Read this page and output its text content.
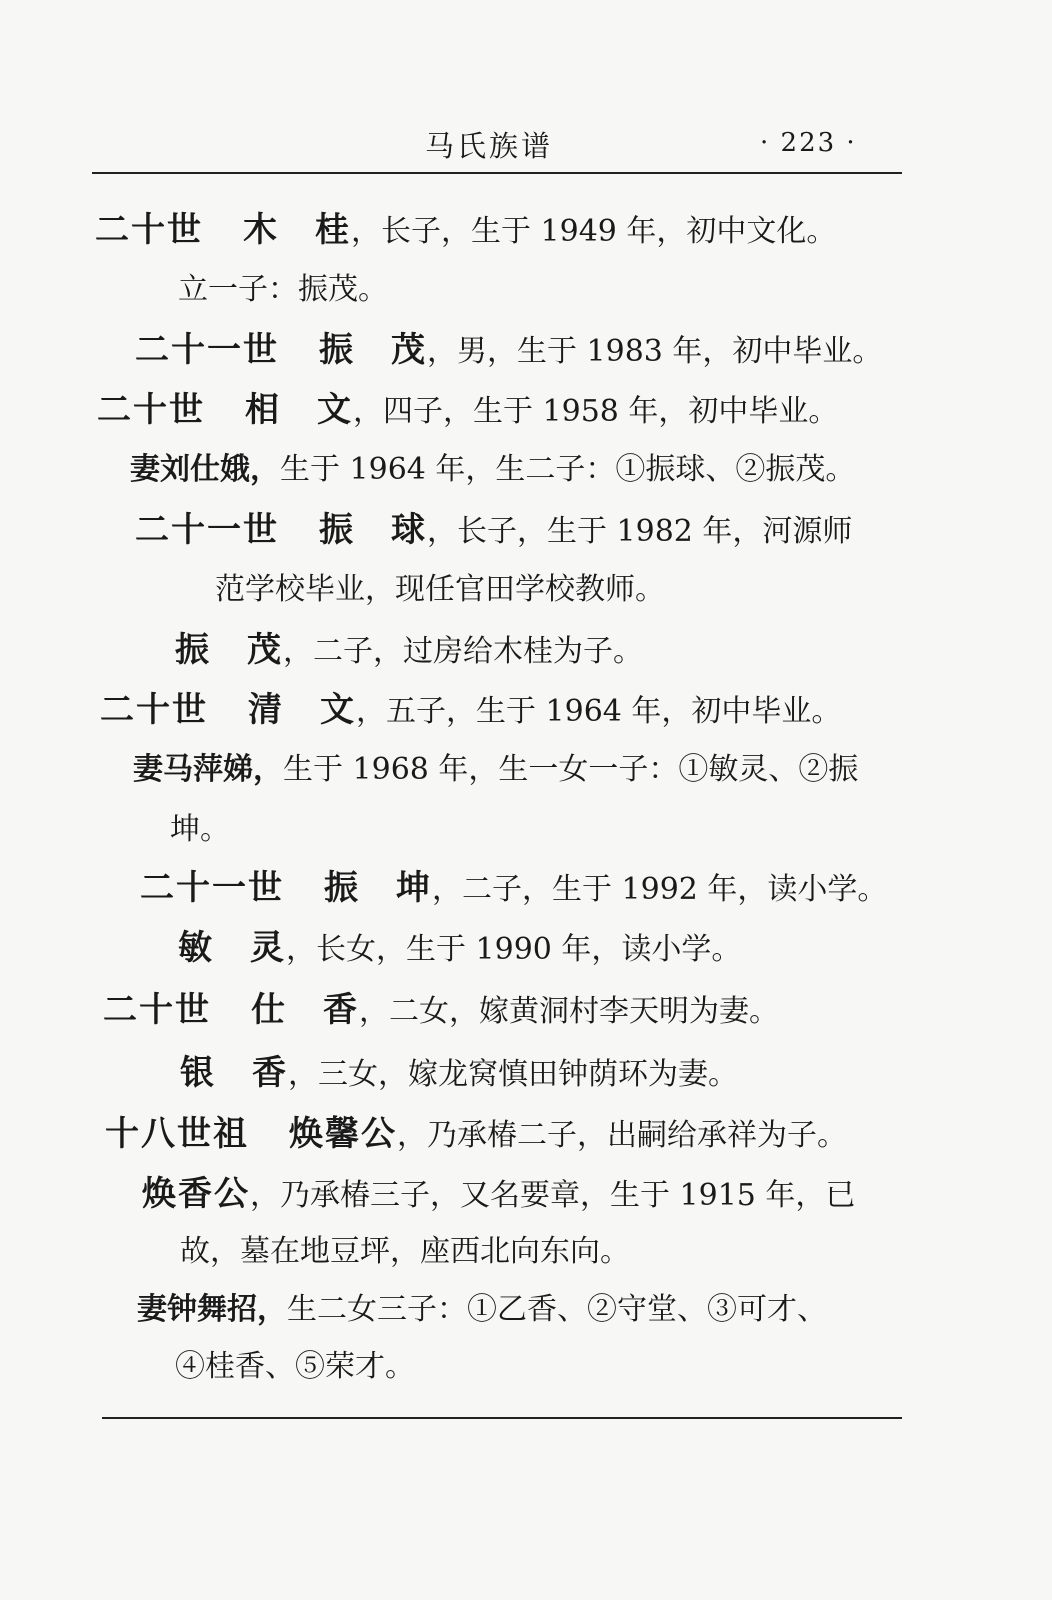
马氏族谱	· 223 ·
二十世 木　桂，长子，生于 1949 年，初中文化。
立一子：振茂。
二十一世 振　茂，男，生于 1983 年，初中毕业。
二十世 相　文，四子，生于 1958 年，初中毕业。
妻刘仕娥，生于 1964 年，生二子：①振球、②振茂。
二十一世 振　球，长子，生于 1982 年，河源师
范学校毕业，现任官田学校教师。
振　茂，二子，过房给木桂为子。
二十世 清　文，五子，生于 1964 年，初中毕业。
妻马萍娣，生于 1968 年，生一女一子：①敏灵、②振
坤。
二十一世 振　坤，二子，生于 1992 年，读小学。
敏　灵，长女，生于 1990 年，读小学。
二十世 仕　香，二女，嫁黄洞村李天明为妻。
银　香，三女，嫁龙窝慎田钟荫环为妻。
十八世祖 焕馨公，乃承椿二子，出嗣给承祥为子。
焕香公，乃承椿三子，又名要章，生于 1915 年，已
故，墓在地豆坪，座西北向东向。
妻钟舞招，生二女三子：①乙香、②守堂、③可才、
④桂香、⑤荣才。
